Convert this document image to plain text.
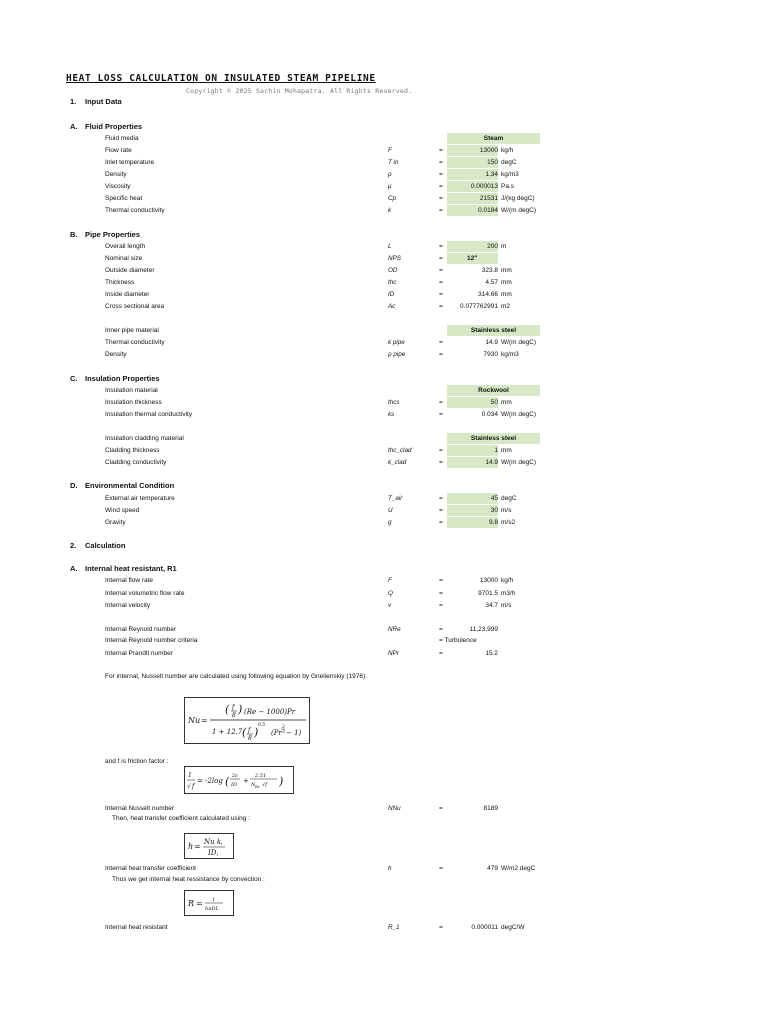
HEAT LOSS CALCULATION ON INSULATED STEAM PIPELINE
Copyright © 2025 Sachin Mohapatra. All Rights Reserved.
1. Input Data
A. Fluid Properties
Fluid media	Steam
Flow rate	F	=	13000 kg/h
Inlet temperature	T in	=	150 degC
Density	ρ	=	1.34 kg/m3
Viscosity	μ	=	0.000013 Pa.s
Specific heat	Cp	=	21531 J/(kg degC)
Thermal conductivity	k	=	0.0184 W/(m degC)
B. Pipe Properties
Overall length	L	=	200 m
Nominal size	NPS	=	12"
Outside diameter	OD	=	323.8 mm
Thickness	thc	=	4.57 mm
Inside diameter	ID	=	314.66 mm
Cross sectional area	Ac	=	0.077762991 m2
Inner pipe material	Stainless steel
Thermal conductivity	k pipe	=	14.9 W/(m degC)
Density	ρ pipe	=	7930 kg/m3
C. Insulation Properties
Insulation material	Rockwool
Insulation thickness	thcs	=	50 mm
Insulation thermal conductivity	ks	=	0.034 W/(m degC)
Insulation cladding material	Stainless steel
Cladding thickness	thc_clad	=	1 mm
Cladding conductivity	k_clad	=	14.9 W/(m degC)
D. Environmental Condition
External air temperature	T_air	=	45 degC
Wind speed	U	=	30 m/s
Gravity	g	=	9.8 m/s2
2. Calculation
A. Internal heat resistant, R1
Internal flow rate	F	=	13000 kg/h
Internal volumetric flow rate	Q	=	9701.5 m3/h
Internal velocity	v	=	34.7 m/s
Internal Reynold number	NRe	=	11,23,999
Internal Reynold number criteria	= Turbulence
Internal Prandtl number	NPr	=	15.2
For internal, Nusselt number are calculated using following equation by Gnelienskiy (1976):
Nu =
( f
8 ) (Re − 1000)Pr
1 + 12.7 ( f
8 )
0.5
(Pr
2
3 − 1)
and f is friction factor :
1
√ f
= -2log ( 2ε
ID +
2.51
N Re √f )
Internal Nusselt number	NNu	=	8189
Then, heat transfer coefficient calculated using :
h = Nu k i
ID i
Internal heat transfer coefficient	h	=	479 W/m2 degC
Thus we get internal heat ressistance by convection :
R = 1
hπDL
Internal heat resistant	R_1	=	0.000011 degC/W
